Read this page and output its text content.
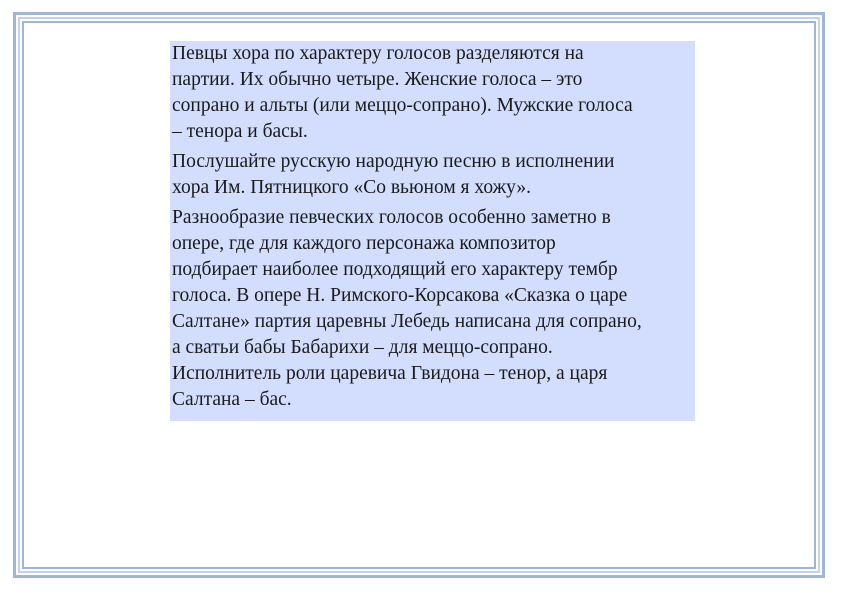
Певцы хора по характеру голосов разделяются на
партии. Их обычно четыре. Женские голоса – это
сопрано и альты (или меццо-сопрано). Мужские голоса
– тенора и басы.

Послушайте русскую народную песню в исполнении
хора Им. Пятницкого «Со вьюном я хожу».

Разнообразие певческих голосов особенно заметно в
опере, где для каждого персонажа композитор
подбирает наиболее подходящий его характеру тембр
голоса. В опере Н. Римского-Корсакова «Сказка о царе
Салтане» партия царевны Лебедь написана для сопрано,
а сватьи бабы Бабарихи – для меццо-сопрано.
Исполнитель роли царевича Гвидона – тенор, а царя
Салтана – бас.
